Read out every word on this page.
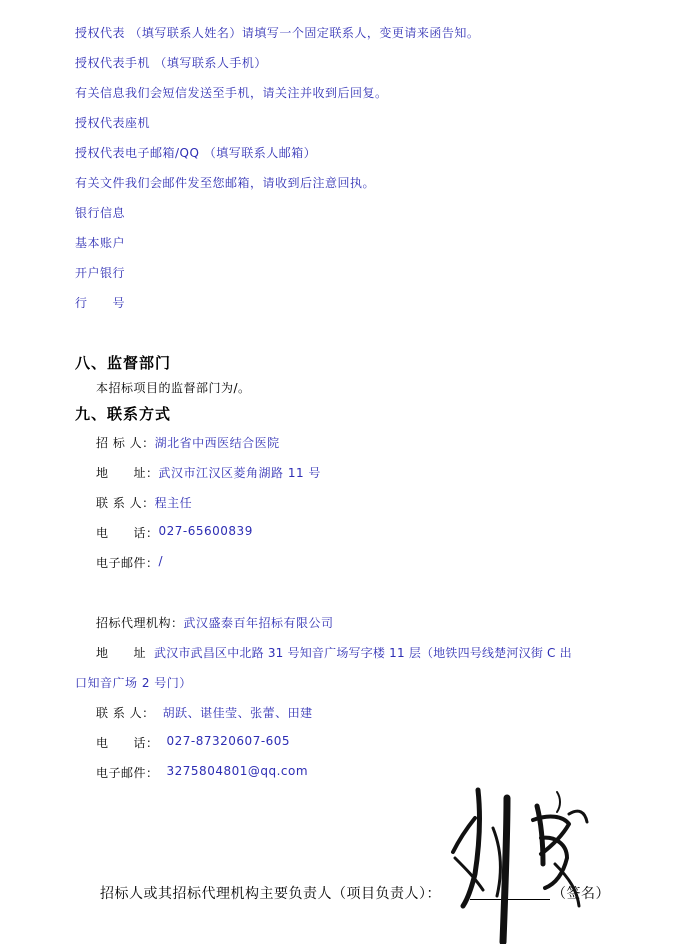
授权代表 （填写联系人姓名）请填写一个固定联系人，变更请来函告知。
授权代表手机 （填写联系人手机）
有关信息我们会短信发送至手机，请关注并收到后回复。
授权代表座机
授权代表电子邮箱/QQ （填写联系人邮箱）
有关文件我们会邮件发至您邮箱，请收到后注意回执。
银行信息
基本账户
开户银行
行　　号
八、监督部门
本招标项目的监督部门为/。
九、联系方式
招 标 人： 湖北省中西医结合医院
地　　址： 武汉市江汉区菱角湖路 11 号
联 系 人： 程主任
电　　话： 027-65600839
电子邮件： /
招标代理机构： 武汉盛泰百年招标有限公司
地　　址 武汉市武昌区中北路 31 号知音广场写字楼 11 层（地铁四号线楚河汉街 C 出
口知音广场 2 号门）
联 系 人： 胡跃、谌佳莹、张蕾、田建
电　　话： 027-87320607-605
电子邮件： 3275804801@qq.com
招标人或其招标代理机构主要负责人（项目负责人）：	（签名）
